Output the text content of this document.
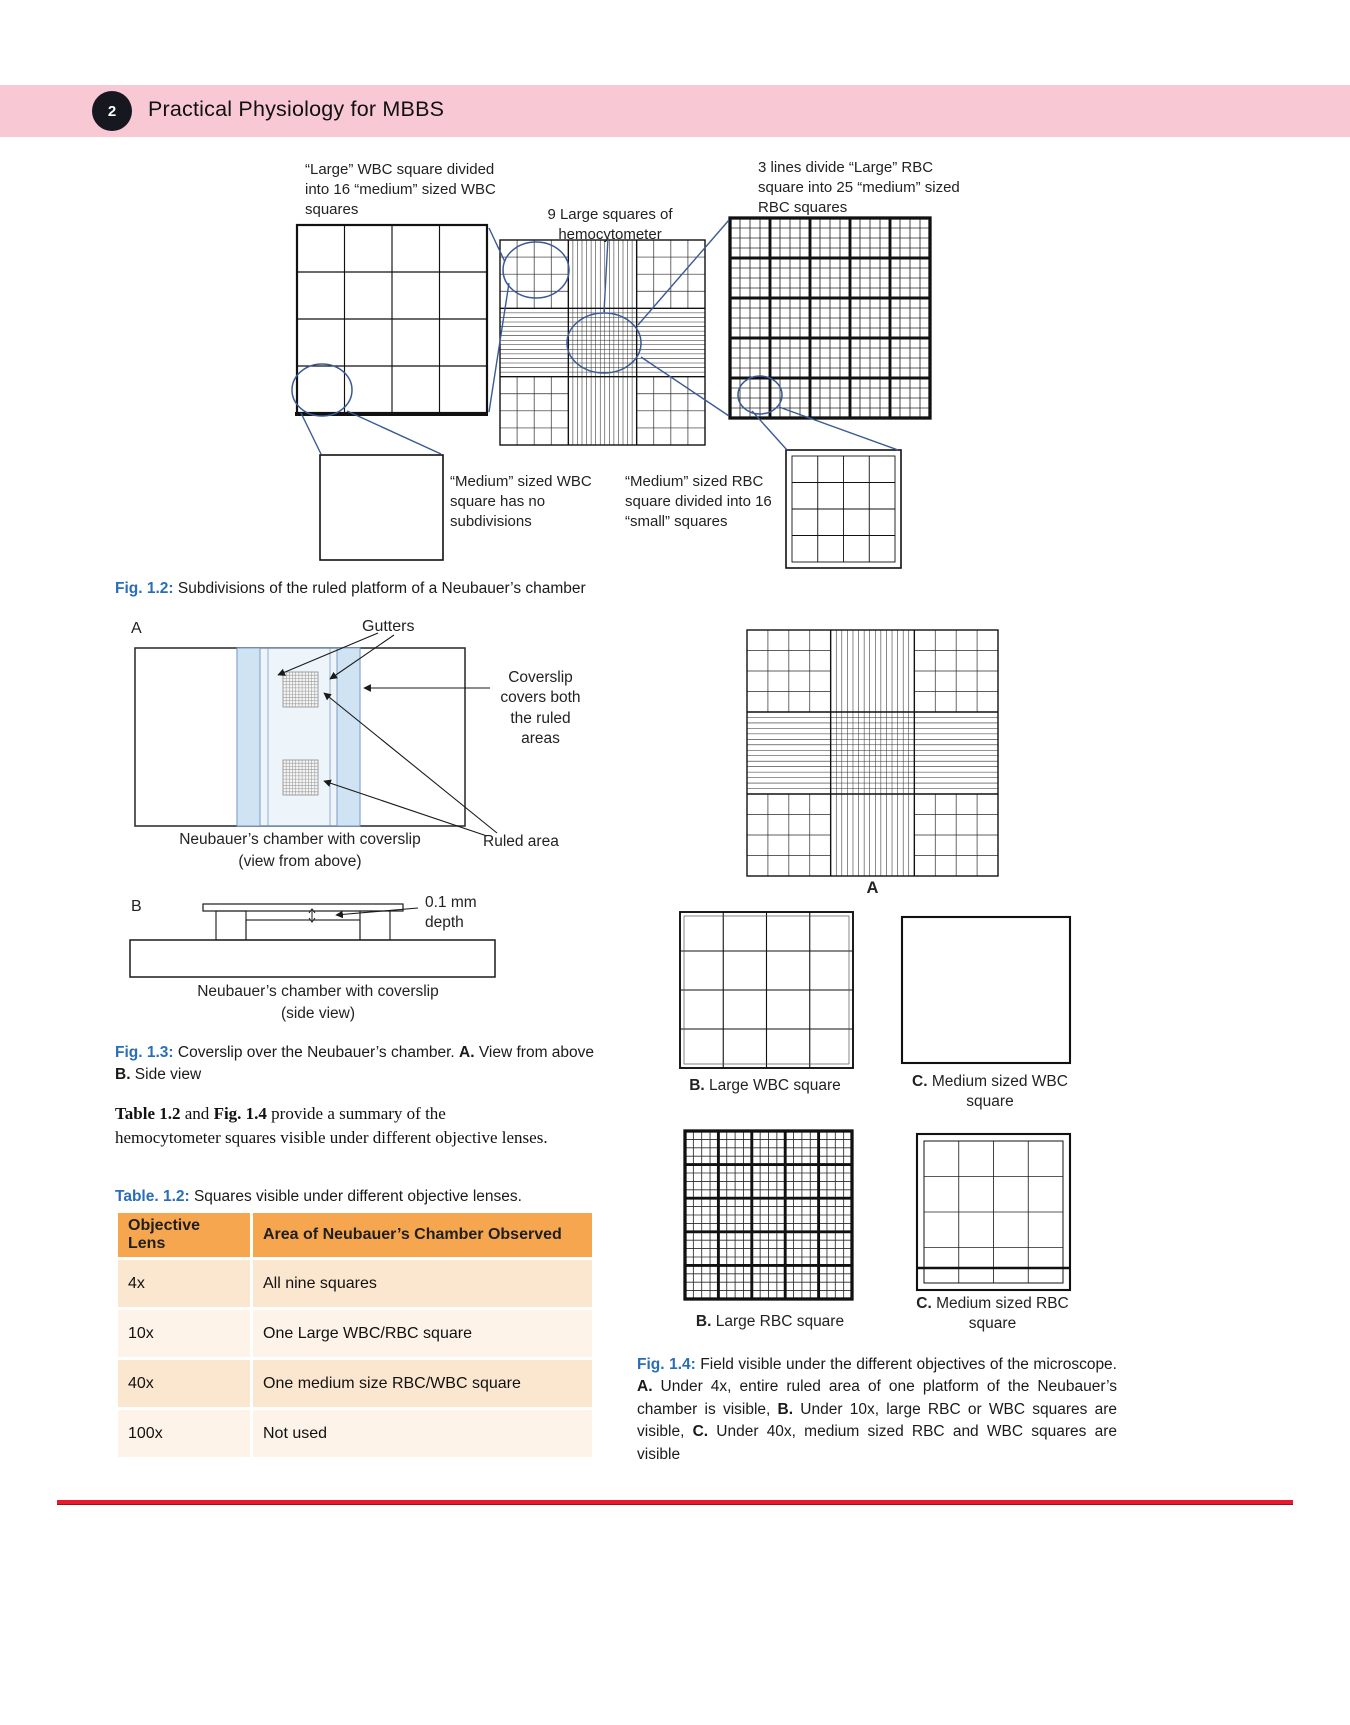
2 Practical Physiology for MBBS
“Large” WBC square divided into 16 “medium” sized WBC squares	9 Large squares of hemocytometer
3 lines divide “Large” RBC square into 25 “medium” sized RBC squares
“Medium” sized WBC square has no subdivisions
“Medium” sized RBC square divided into 16 “small” squares
Fig. 1.2: Subdivisions of the ruled platform of a Neubauer’s chamber
A	Gutters
Coverslip covers both the ruled areas
Ruled area
Neubauer’s chamber with coverslip
(view from above)
B	0.1 mm depth
Neubauer’s chamber with coverslip
(side view)
Fig. 1.3: Coverslip over the Neubauer’s chamber. A. View from above
B. Side view

Table 1.2 and Fig. 1.4 provide a summary of the
hemocytometer squares visible under different objective lenses.

Table. 1.2: Squares visible under different objective lenses.
Objective Lens	Area of Neubauer’s Chamber Observed
4x	All nine squares
10x	One Large WBC/RBC square
40x	One medium size RBC/WBC square
100x	Not used
A
B. Large WBC square	C. Medium sized WBC square
B. Large RBC square
C. Medium sized RBC square
Fig. 1.4: Field visible under the different objectives of the microscope. A. Under 4x, entire ruled area of one platform of the Neubauer’s chamber is visible, B. Under 10x, large RBC or WBC squares are visible, C. Under 40x, medium sized RBC and WBC squares are visible
